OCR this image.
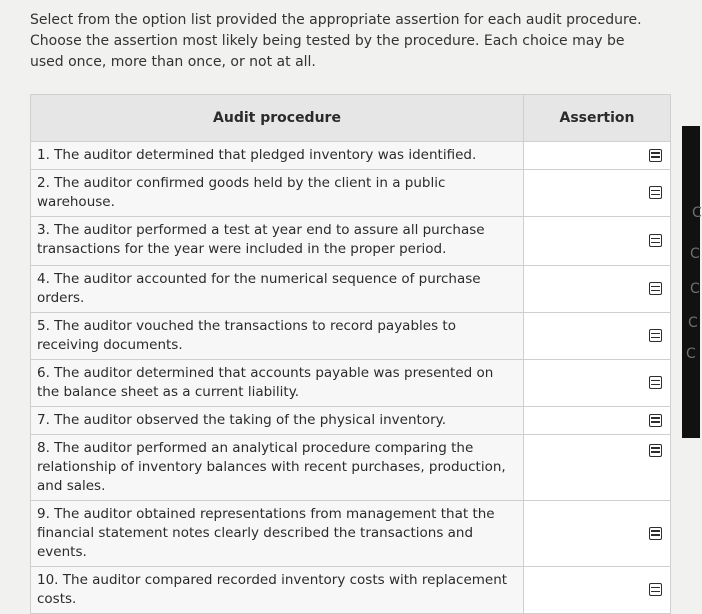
Select from the option list provided the appropriate assertion for each audit procedure. Choose the assertion most likely being tested by the procedure. Each choice may be used once, more than once, or not at all.
Audit procedure	Assertion
1. The auditor determined that pledged inventory was identified.	
2. The auditor confirmed goods held by the client in a public warehouse.	
3. The auditor performed a test at year end to assure all purchase transactions for the year were included in the proper period.	
4. The auditor accounted for the numerical sequence of purchase orders.	
5. The auditor vouched the transactions to record payables to receiving documents.	
6. The auditor determined that accounts payable was presented on the balance sheet as a current liability.	
7. The auditor observed the taking of the physical inventory.	
8. The auditor performed an analytical procedure comparing the relationship of inventory balances with recent purchases, production, and sales.	
9. The auditor obtained representations from management that the financial statement notes clearly described the transactions and events.	
10. The auditor compared recorded inventory costs with replacement costs.	
C
C
C
C
C
